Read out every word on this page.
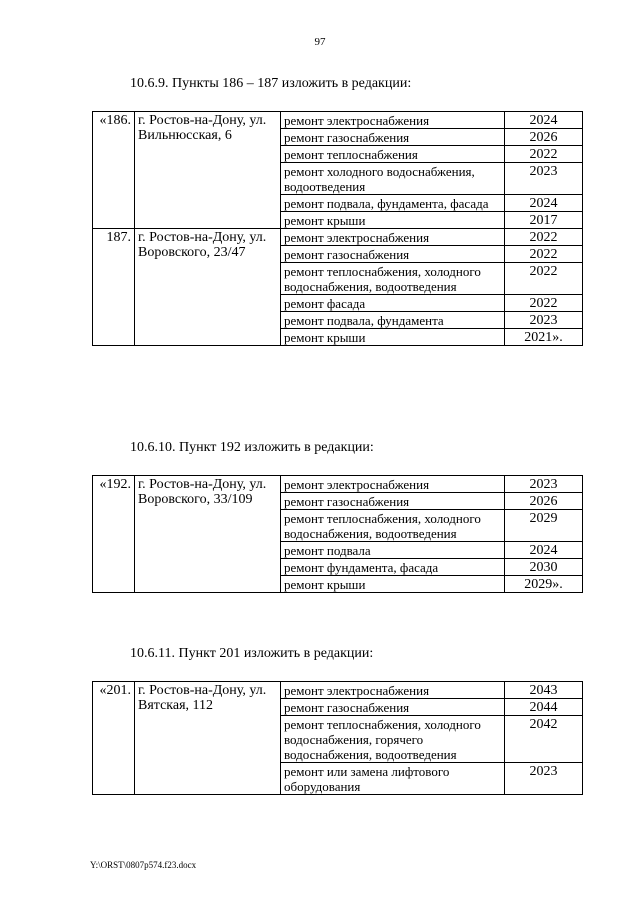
97
10.6.9. Пункты 186 – 187 изложить в редакции:
«186.	г. Ростов-на-Дону, ул. Вильнюсская, 6	ремонт электроснабжения	2024
		ремонт газоснабжения	2026
		ремонт теплоснабжения	2022
		ремонт холодного водоснабжения, водоотведения	2023
		ремонт подвала, фундамента, фасада	2024
		ремонт крыши	2017
187.	г. Ростов-на-Дону, ул. Воровского, 23/47	ремонт электроснабжения	2022
		ремонт газоснабжения	2022
		ремонт теплоснабжения, холодного водоснабжения, водоотведения	2022
		ремонт фасада	2022
		ремонт подвала, фундамента	2023
		ремонт крыши	2021».
10.6.10. Пункт 192 изложить в редакции:
«192.	г. Ростов-на-Дону, ул. Воровского, 33/109	ремонт электроснабжения	2023
		ремонт газоснабжения	2026
		ремонт теплоснабжения, холодного водоснабжения, водоотведения	2029
		ремонт подвала	2024
		ремонт фундамента, фасада	2030
		ремонт крыши	2029».
10.6.11. Пункт 201 изложить в редакции:
«201.	г. Ростов-на-Дону, ул. Вятская, 112	ремонт электроснабжения	2043
		ремонт газоснабжения	2044
		ремонт теплоснабжения, холодного водоснабжения, горячего водоснабжения, водоотведения	2042
		ремонт или замена лифтового оборудования	2023
Y:\ORST\0807p574.f23.docx
